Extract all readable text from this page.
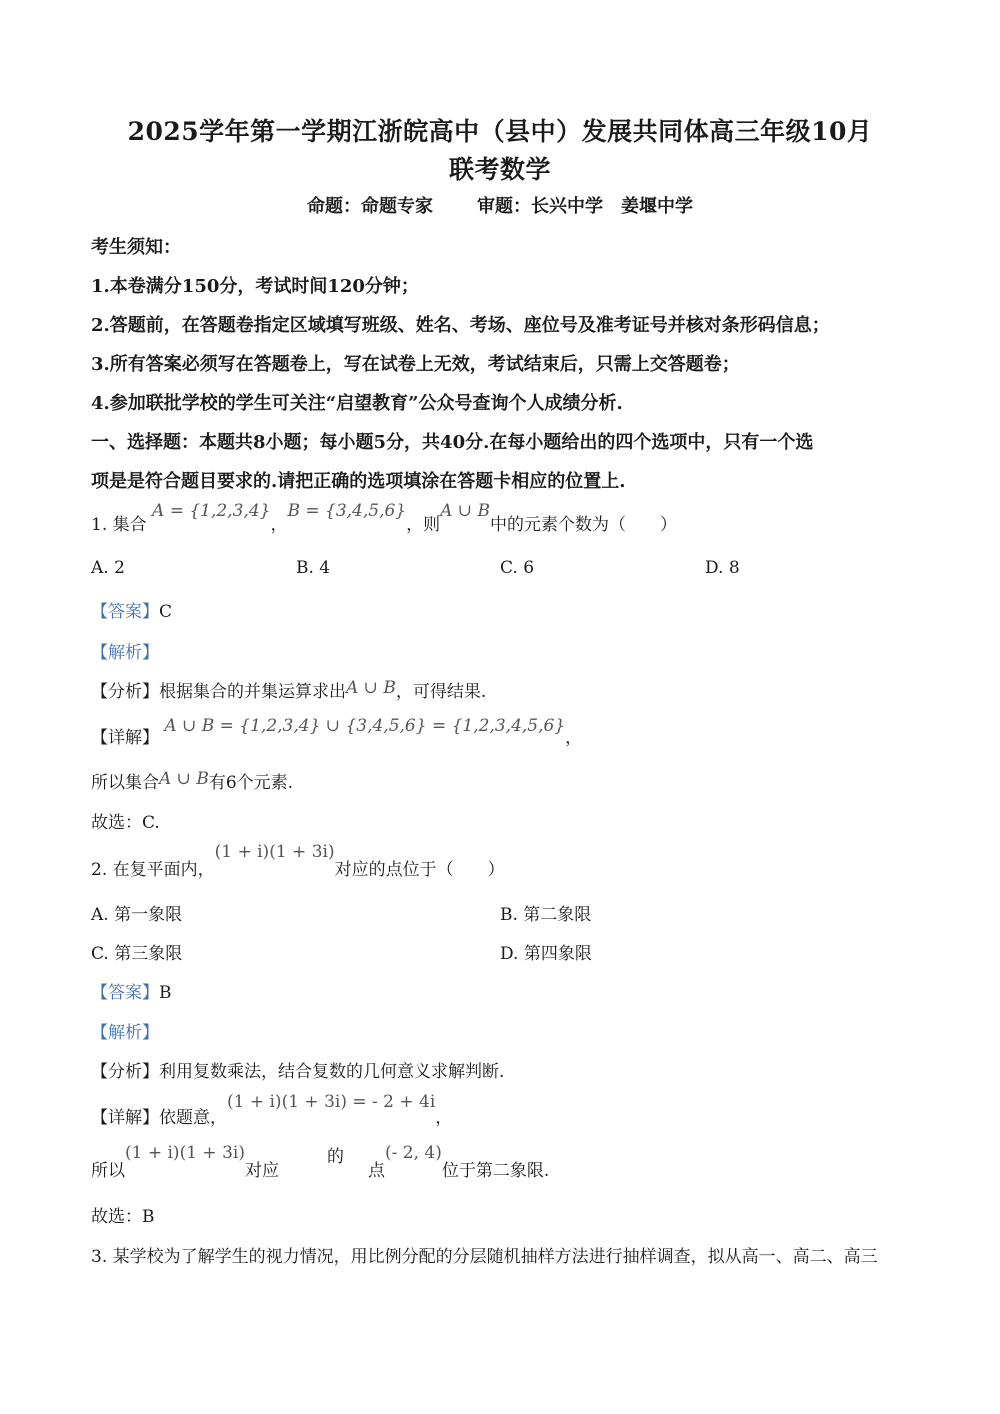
2025学年第一学期江浙皖高中（县中）发展共同体高三年级10月
联考数学
命题：命题专家 审题：长兴中学　姜堰中学
考生须知：
1.本卷满分150分，考试时间120分钟；
2.答题前，在答题卷指定区域填写班级、姓名、考场、座位号及准考证号并核对条形码信息；
3.所有答案必须写在答题卷上，写在试卷上无效，考试结束后，只需上交答题卷；
4.参加联批学校的学生可关注“启望教育”公众号查询个人成绩分析.
一、选择题：本题共8小题；每小题5分，共40分.在每小题给出的四个选项中，只有一个选
项是是符合题目要求的.请把正确的选项填涂在答题卡相应的位置上.
1. 集合 A = {1,2,3,4}，B = {3,4,5,6}，则A ∪ B中的元素个数为（　　）
A. 2	B. 4	C. 6	D. 8
【答案】C
【解析】
【分析】根据集合的并集运算求出A ∪ B，可得结果.
【详解】 A ∪ B = {1,2,3,4} ∪ {3,4,5,6} = {1,2,3,4,5,6}，
所以集合A ∪ B有6个元素.
故选：C.
2. 在复平面内，(1 + i)(1 + 3i)对应的点位于（　　）
A. 第一象限	B. 第二象限
C. 第三象限	D. 第四象限
【答案】B
【解析】
【分析】利用复数乘法，结合复数的几何意义求解判断.
【详解】依题意，(1 + i)(1 + 3i) = - 2 + 4i，
所以(1 + i)(1 + 3i)对应的点(- 2, 4)位于第二象限.
故选：B
3. 某学校为了解学生的视力情况，用比例分配的分层随机抽样方法进行抽样调查，拟从高一、高二、高三
